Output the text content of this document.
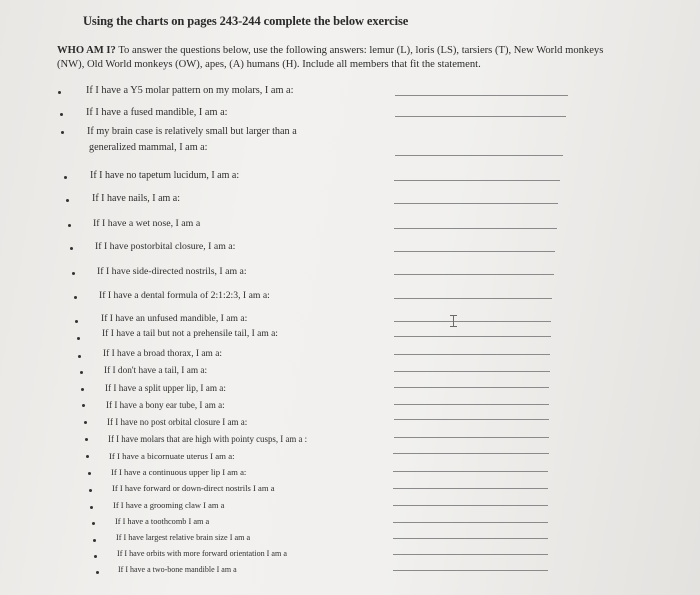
Using the charts on pages 243-244 complete the below exercise
WHO AM I? To answer the questions below, use the following answers: lemur (L), loris (LS), tarsiers (T), New World monkeys (NW), Old World monkeys (OW), apes, (A) humans (H). Include all members that fit the statement.
If I have a Y5 molar pattern on my molars, I am a:
If I have a fused mandible, I am a:
If my brain case is relatively small but larger than a
generalized mammal, I am a:
If I have no tapetum lucidum, I am a:
If I have nails, I am a:
If I have a wet nose, I am a
If I have postorbital closure, I am a:
If I have side-directed nostrils, I am a:
If I have a dental formula of 2:1:2:3, I am a:
If I have an unfused mandible, I am a:
If I have a tail but not a prehensile tail, I am a:
If I have a broad thorax, I am a:
If I don't have a tail, I am a:
If I have a split upper lip, I am a:
If I have a bony ear tube, I am a:
If I have no post orbital closure I am a:
If I have molars that are high with pointy cusps, I am a :
If I have a bicornuate uterus I am a:
If I have a continuous upper lip I am a:
If I have forward or down-direct nostrils I am a
If I have a grooming claw I am a
If I have a toothcomb I am a
If I have largest relative brain size I am a
If I have orbits with more forward orientation I am a
If I have a two-bone mandible I am a
